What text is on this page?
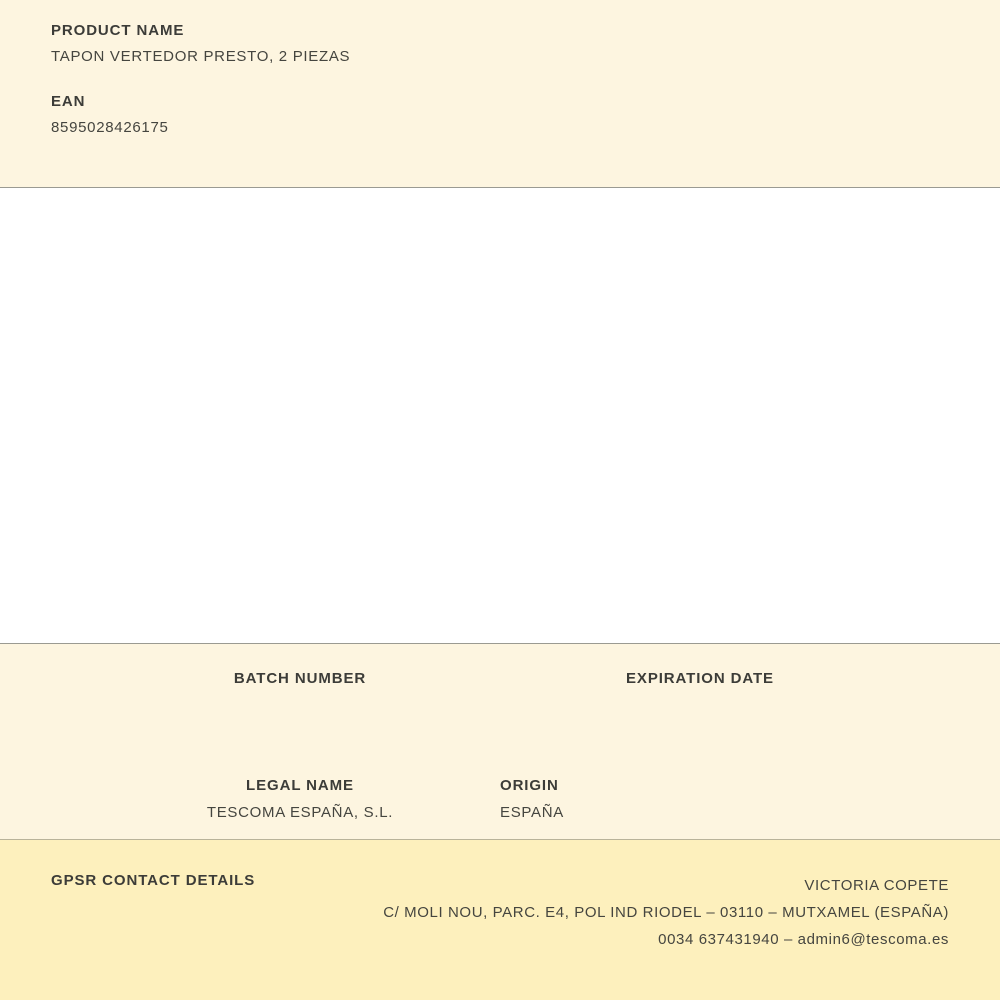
PRODUCT NAME
TAPON VERTEDOR PRESTO, 2 PIEZAS
EAN
8595028426175
BATCH NUMBER	EXPIRATION DATE
LEGAL NAME
TESCOMA ESPAÑA, S.L.
ORIGIN
ESPAÑA
GPSR CONTACT DETAILS	VICTORIA COPETE
C/ MOLI NOU, PARC. E4, POL IND RIODEL – 03110 – MUTXAMEL (ESPAÑA)
0034 637431940 – admin6@tescoma.es
